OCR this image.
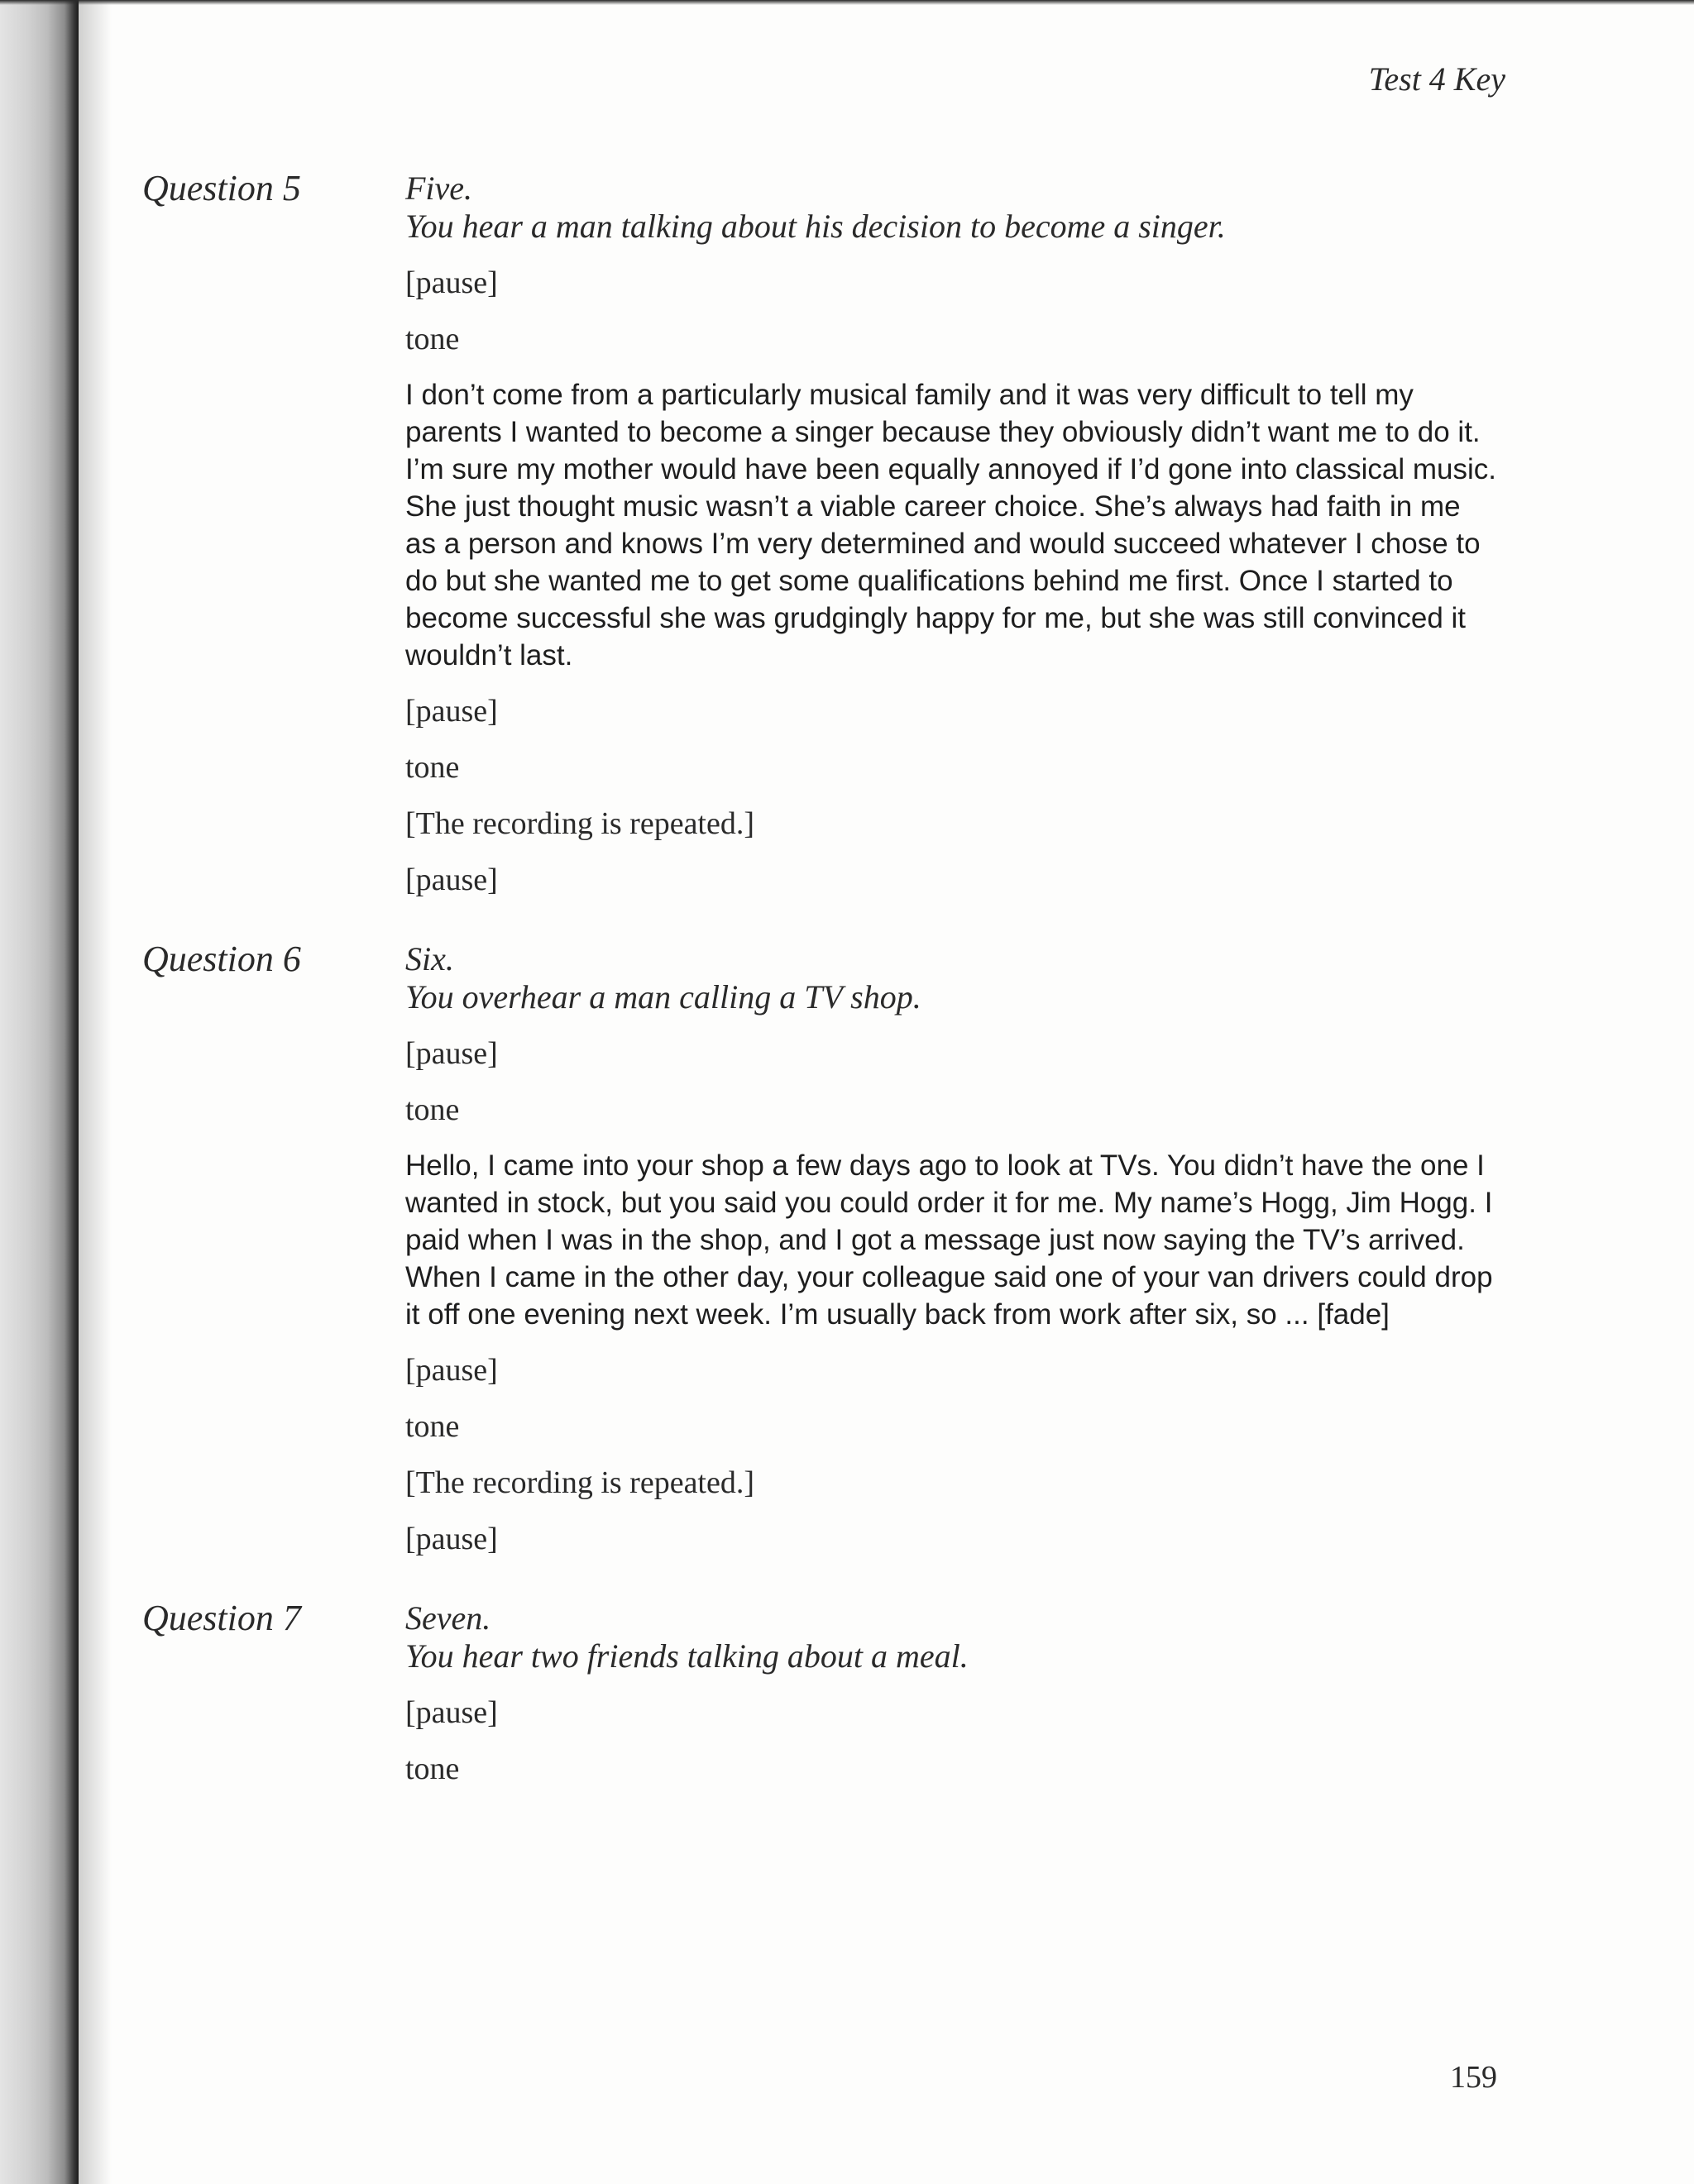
Test 4 Key
Question 5	Five.
You hear a man talking about his decision to become a singer.
[pause]
tone
I don’t come from a particularly musical family and it was very difficult to tell my parents I wanted to become a singer because they obviously didn’t want me to do it. I’m sure my mother would have been equally annoyed if I’d gone into classical music. She just thought music wasn’t a viable career choice. She’s always had faith in me as a person and knows I’m very determined and would succeed whatever I chose to do but she wanted me to get some qualifications behind me first. Once I started to become successful she was grudgingly happy for me, but she was still convinced it wouldn’t last.
[pause]
tone
[The recording is repeated.]
[pause]
Question 6	Six.
You overhear a man calling a TV shop.
[pause]
tone
Hello, I came into your shop a few days ago to look at TVs. You didn’t have the one I wanted in stock, but you said you could order it for me. My name’s Hogg, Jim Hogg. I paid when I was in the shop, and I got a message just now saying the TV’s arrived. When I came in the other day, your colleague said one of your van drivers could drop it off one evening next week. I’m usually back from work after six, so ... [fade]
[pause]
tone
[The recording is repeated.]
[pause]
Question 7	Seven.
You hear two friends talking about a meal.
[pause]
tone
159
